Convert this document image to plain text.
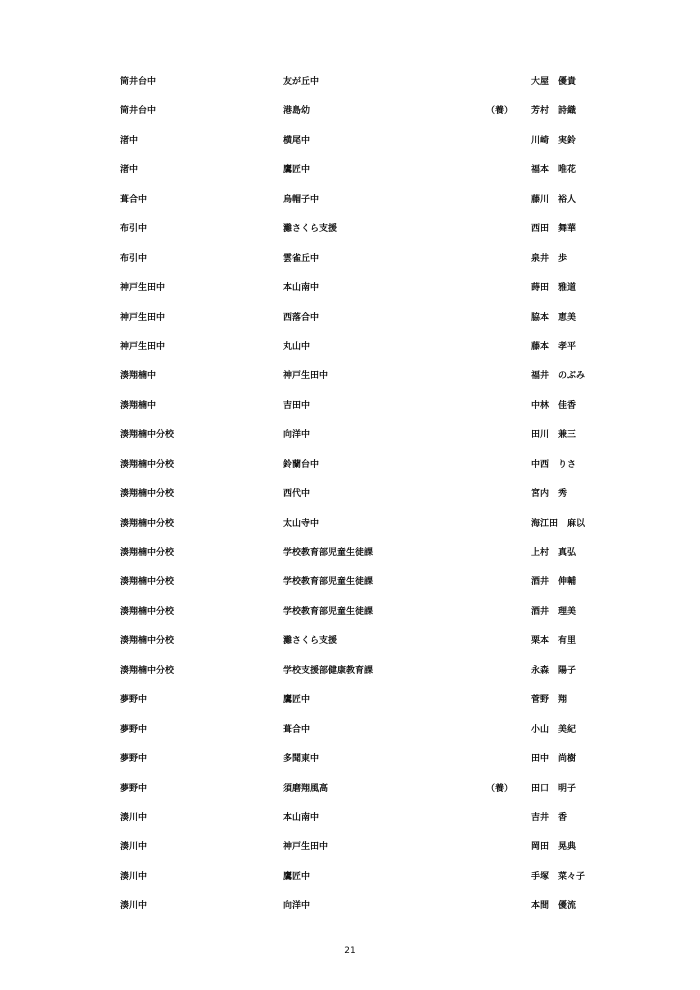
筒井台中	友が丘中	大屋　優貴
筒井台中	港島幼	（養） 芳村　詩織
渚中	横尾中	川崎　実鈴
渚中	鷹匠中	福本　唯花
葺合中	烏帽子中	藤川　裕人
布引中	灘さくら支援	西田　舞華
布引中	雲雀丘中	泉井　歩
神戸生田中	本山南中	蒔田　雅道
神戸生田中	西落合中	脇本　恵美
神戸生田中	丸山中	藤本　孝平
湊翔楠中	神戸生田中	福井　のぶみ
湊翔楠中	吉田中	中林　佳香
湊翔楠中分校	向洋中	田川　兼三
湊翔楠中分校	鈴蘭台中	中西　りさ
湊翔楠中分校	西代中	宮内　秀
湊翔楠中分校	太山寺中	海江田　麻以
湊翔楠中分校	学校教育部児童生徒課	上村　真弘
湊翔楠中分校	学校教育部児童生徒課	酒井　伸輔
湊翔楠中分校	学校教育部児童生徒課	酒井　理美
湊翔楠中分校	灘さくら支援	栗本　有里
湊翔楠中分校	学校支援部健康教育課	永森　陽子
夢野中	鷹匠中	菅野　翔
夢野中	葺合中	小山　美紀
夢野中	多聞東中	田中　尚樹
夢野中	須磨翔風高	（養） 田口　明子
湊川中	本山南中	吉井　香
湊川中	神戸生田中	岡田　晃典
湊川中	鷹匠中	手塚　菜々子
湊川中	向洋中	本間　優流
21
